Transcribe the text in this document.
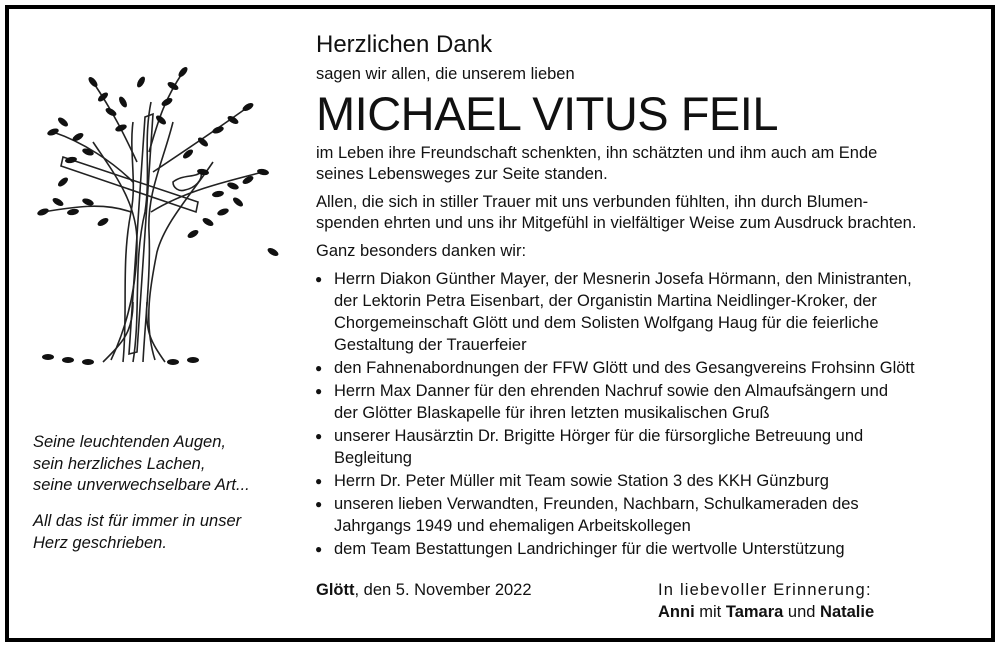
Seine leuchtenden Augen,
sein herzliches Lachen,
seine unverwechselbare Art...
All das ist für immer in unser
Herz geschrieben.
Herzlichen Dank
sagen wir allen, die unserem lieben
MICHAEL VITUS FEIL
im Leben ihre Freundschaft schenkten, ihn schätzten und ihm auch am Ende
seines Lebensweges zur Seite standen.
Allen, die sich in stiller Trauer mit uns verbunden fühlten, ihn durch Blumen-
spenden ehrten und uns ihr Mitgefühl in vielfältiger Weise zum Ausdruck brachten.
Ganz besonders danken wir:
● Herrn Diakon Günther Mayer, der Mesnerin Josefa Hörmann, den Ministranten,
der Lektorin Petra Eisenbart, der Organistin Martina Neidlinger-Kroker, der
Chorgemeinschaft Glött und dem Solisten Wolfgang Haug für die feierliche
Gestaltung der Trauerfeier
● den Fahnenabordnungen der FFW Glött und des Gesangvereins Frohsinn Glött
● Herrn Max Danner für den ehrenden Nachruf sowie den Almaufsängern und
der Glötter Blaskapelle für ihren letzten musikalischen Gruß
● unserer Hausärztin Dr. Brigitte Hörger für die fürsorgliche Betreuung und
Begleitung
● Herrn Dr. Peter Müller mit Team sowie Station 3 des KKH Günzburg
● unseren lieben Verwandten, Freunden, Nachbarn, Schulkameraden des
Jahrgangs 1949 und ehemaligen Arbeitskollegen
● dem Team Bestattungen Landrichinger für die wertvolle Unterstützung
Glött, den 5. November 2022	In liebevoller Erinnerung:
Anni mit Tamara und Natalie
